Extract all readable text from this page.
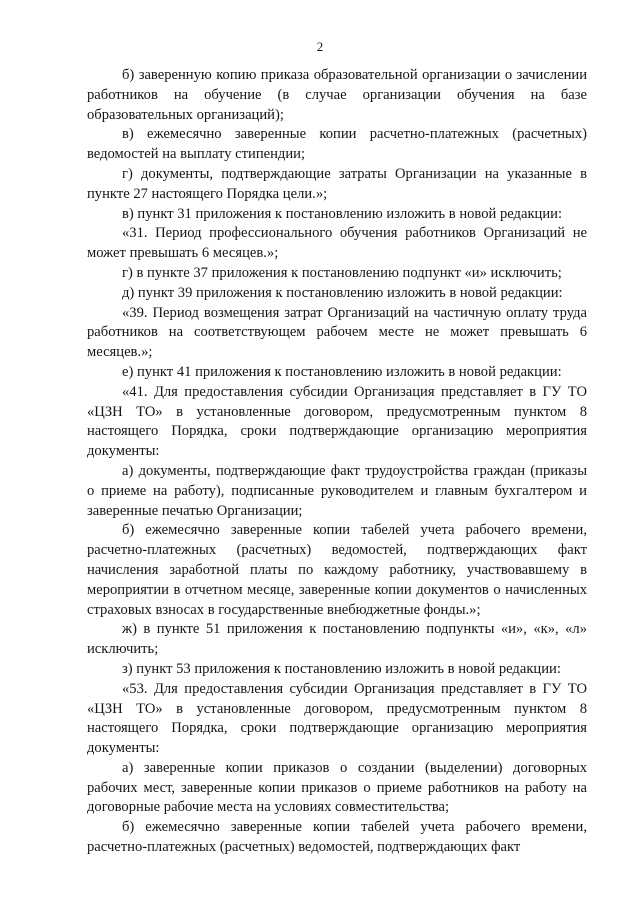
2

б) заверенную копию приказа образовательной организации о зачислении работников на обучение (в случае организации обучения на базе образовательных организаций);

в) ежемесячно заверенные копии расчетно-платежных (расчетных) ведомостей на выплату стипендии;

г) документы, подтверждающие затраты Организации на указанные в пункте 27 настоящего Порядка цели.»;

в) пункт 31 приложения к постановлению изложить в новой редакции:

«31. Период профессионального обучения работников Организаций не может превышать 6 месяцев.»;

г) в пункте 37 приложения к постановлению подпункт «и» исключить;

д) пункт 39 приложения к постановлению изложить в новой редакции:

«39. Период возмещения затрат Организаций на частичную оплату труда работников на соответствующем рабочем месте не может превышать 6 месяцев.»;

е) пункт 41 приложения к постановлению изложить в новой редакции:

«41. Для предоставления субсидии Организация представляет в ГУ ТО «ЦЗН ТО» в установленные договором, предусмотренным пунктом 8 настоящего Порядка, сроки подтверждающие организацию мероприятия документы:

а) документы, подтверждающие факт трудоустройства граждан (приказы о приеме на работу), подписанные руководителем и главным бухгалтером и заверенные печатью Организации;

б) ежемесячно заверенные копии табелей учета рабочего времени, расчетно-платежных (расчетных) ведомостей, подтверждающих факт начисления заработной платы по каждому работнику, участвовавшему в мероприятии в отчетном месяце, заверенные копии документов о начисленных страховых взносах в государственные внебюджетные фонды.»;

ж) в пункте 51 приложения к постановлению подпункты «и», «к», «л» исключить;

з) пункт 53 приложения к постановлению изложить в новой редакции:

«53. Для предоставления субсидии Организация представляет в ГУ ТО «ЦЗН ТО» в установленные договором, предусмотренным пунктом 8 настоящего Порядка, сроки подтверждающие организацию мероприятия документы:

а) заверенные копии приказов о создании (выделении) договорных рабочих мест, заверенные копии приказов о приеме работников на работу на договорные рабочие места на условиях совместительства;

б) ежемесячно заверенные копии табелей учета рабочего времени, расчетно-платежных (расчетных) ведомостей, подтверждающих факт
